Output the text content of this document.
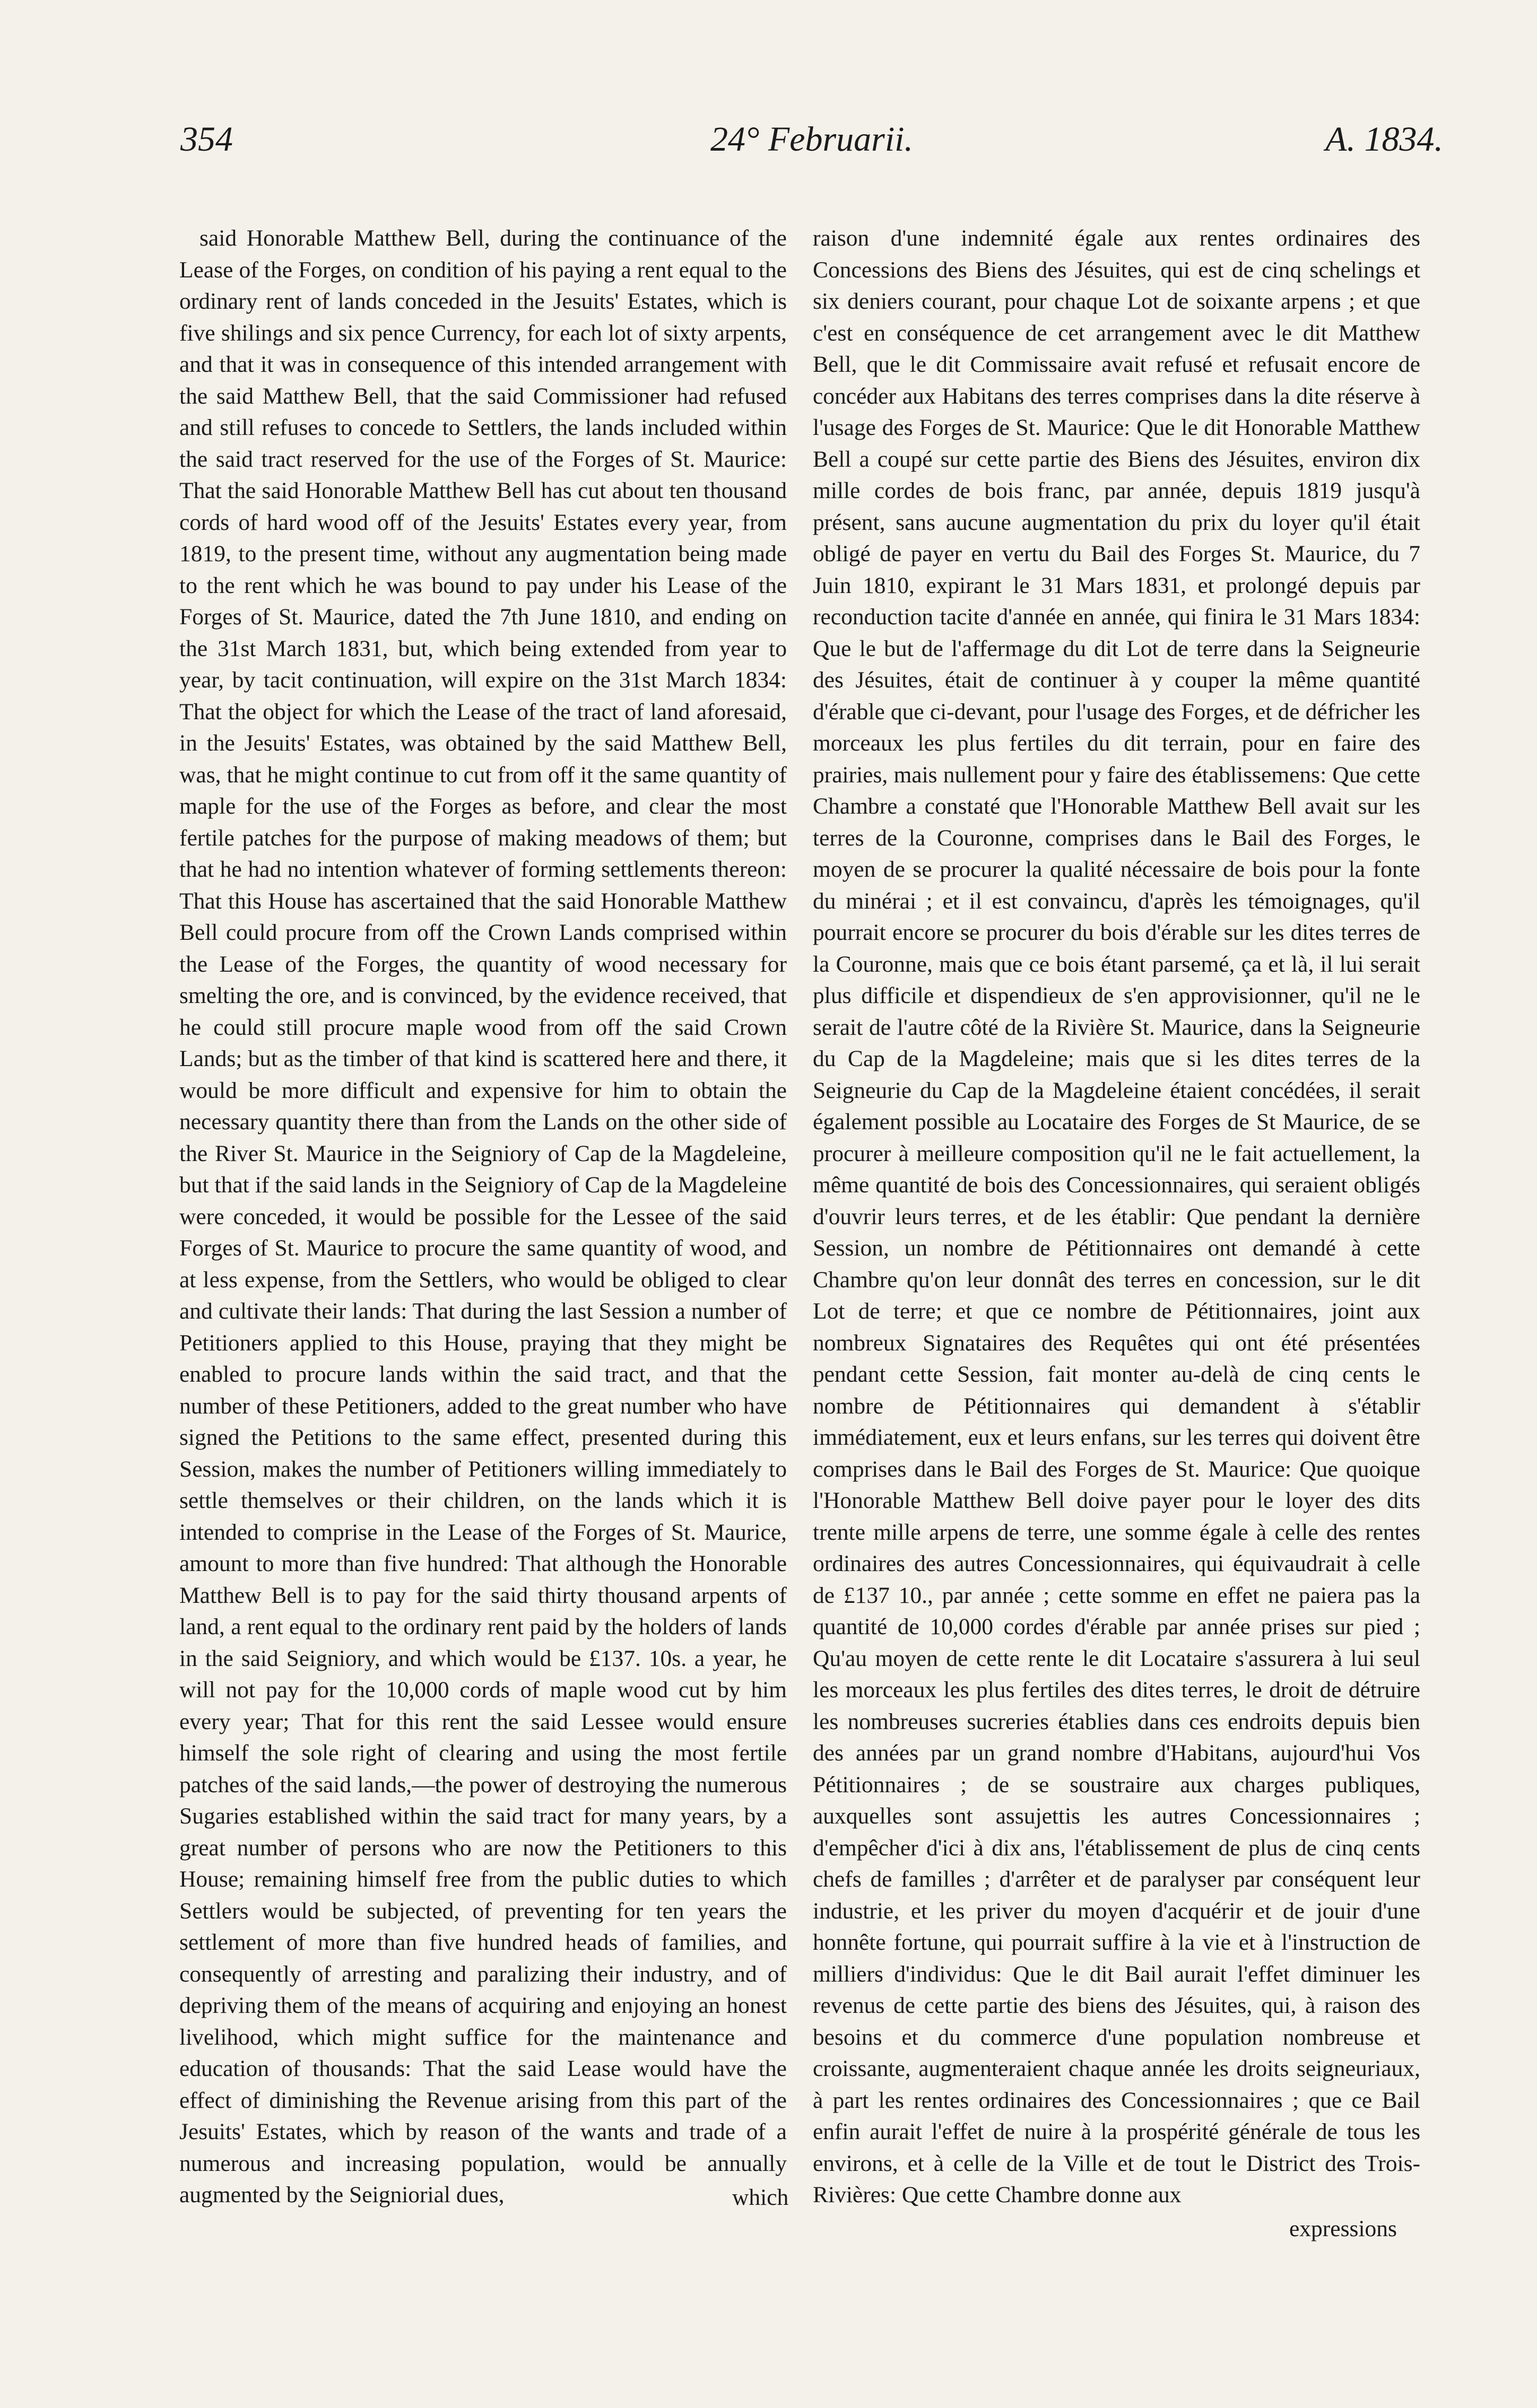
354	24° Februarii.	A. 1834.

said Honorable Matthew Bell, during the continuance of the Lease of the Forges, on condition of his paying a rent equal to the ordinary rent of lands conceded in the Jesuits' Estates, which is five shilings and six pence Currency, for each lot of sixty arpents, and that it was in consequence of this intended arrangement with the said Matthew Bell, that the said Commissioner had refused and still refuses to concede to Settlers, the lands included within the said tract reserved for the use of the Forges of St. Maurice: That the said Honorable Matthew Bell has cut about ten thousand cords of hard wood off of the Jesuits' Estates every year, from 1819, to the present time, without any augmentation being made to the rent which he was bound to pay under his Lease of the Forges of St. Maurice, dated the 7th June 1810, and ending on the 31st March 1831, but, which being extended from year to year, by tacit continuation, will expire on the 31st March 1834: That the object for which the Lease of the tract of land aforesaid, in the Jesuits' Estates, was obtained by the said Matthew Bell, was, that he might continue to cut from off it the same quantity of maple for the use of the Forges as before, and clear the most fertile patches for the purpose of making meadows of them; but that he had no intention whatever of forming settlements thereon: That this House has ascertained that the said Honorable Matthew Bell could procure from off the Crown Lands comprised within the Lease of the Forges, the quantity of wood necessary for smelting the ore, and is convinced, by the evidence received, that he could still procure maple wood from off the said Crown Lands; but as the timber of that kind is scattered here and there, it would be more difficult and expensive for him to obtain the necessary quantity there than from the Lands on the other side of the River St. Maurice in the Seigniory of Cap de la Magdeleine, but that if the said lands in the Seigniory of Cap de la Magdeleine were conceded, it would be possible for the Lessee of the said Forges of St. Maurice to procure the same quantity of wood, and at less expense, from the Settlers, who would be obliged to clear and cultivate their lands: That during the last Session a number of Petitioners applied to this House, praying that they might be enabled to procure lands within the said tract, and that the number of these Petitioners, added to the great number who have signed the Petitions to the same effect, presented during this Session, makes the number of Petitioners willing immediately to settle themselves or their children, on the lands which it is intended to comprise in the Lease of the Forges of St. Maurice, amount to more than five hundred: That although the Honorable Matthew Bell is to pay for the said thirty thousand arpents of land, a rent equal to the ordinary rent paid by the holders of lands in the said Seigniory, and which would be £137. 10s. a year, he will not pay for the 10,000 cords of maple wood cut by him every year; That for this rent the said Lessee would ensure himself the sole right of clearing and using the most fertile patches of the said lands,—the power of destroying the numerous Sugaries established within the said tract for many years, by a great number of persons who are now the Petitioners to this House; remaining himself free from the public duties to which Settlers would be subjected, of preventing for ten years the settlement of more than five hundred heads of families, and consequently of arresting and paralizing their industry, and of depriving them of the means of acquiring and enjoying an honest livelihood, which might suffice for the maintenance and education of thousands: That the said Lease would have the effect of diminishing the Revenue arising from this part of the Jesuits' Estates, which by reason of the wants and trade of a numerous and increasing population, would be annually augmented by the Seigniorial dues,	which

raison d'une indemnité égale aux rentes ordinaires des Concessions des Biens des Jésuites, qui est de cinq schelings et six deniers courant, pour chaque Lot de soixante arpens ; et que c'est en conséquence de cet arrangement avec le dit Matthew Bell, que le dit Commissaire avait refusé et refusait encore de concéder aux Habitans des terres comprises dans la dite réserve à l'usage des Forges de St. Maurice: Que le dit Honorable Matthew Bell a coupé sur cette partie des Biens des Jésuites, environ dix mille cordes de bois franc, par année, depuis 1819 jusqu'à présent, sans aucune augmentation du prix du loyer qu'il était obligé de payer en vertu du Bail des Forges St. Maurice, du 7 Juin 1810, expirant le 31 Mars 1831, et prolongé depuis par reconduction tacite d'année en année, qui finira le 31 Mars 1834: Que le but de l'affermage du dit Lot de terre dans la Seigneurie des Jésuites, était de continuer à y couper la même quantité d'érable que ci-devant, pour l'usage des Forges, et de défricher les morceaux les plus fertiles du dit terrain, pour en faire des prairies, mais nullement pour y faire des établissemens: Que cette Chambre a constaté que l'Honorable Matthew Bell avait sur les terres de la Couronne, comprises dans le Bail des Forges, le moyen de se procurer la qualité nécessaire de bois pour la fonte du minérai ; et il est convaincu, d'après les témoignages, qu'il pourrait encore se procurer du bois d'érable sur les dites terres de la Couronne, mais que ce bois étant parsemé, ça et là, il lui serait plus difficile et dispendieux de s'en approvisionner, qu'il ne le serait de l'autre côté de la Rivière St. Maurice, dans la Seigneurie du Cap de la Magdeleine; mais que si les dites terres de la Seigneurie du Cap de la Magdeleine étaient concédées, il serait également possible au Locataire des Forges de St Maurice, de se procurer à meilleure composition qu'il ne le fait actuellement, la même quantité de bois des Concessionnaires, qui seraient obligés d'ouvrir leurs terres, et de les établir: Que pendant la dernière Session, un nombre de Pétitionnaires ont demandé à cette Chambre qu'on leur donnât des terres en concession, sur le dit Lot de terre; et que ce nombre de Pétitionnaires, joint aux nombreux Signataires des Requêtes qui ont été présentées pendant cette Session, fait monter au-delà de cinq cents le nombre de Pétitionnaires qui demandent à s'établir immédiatement, eux et leurs enfans, sur les terres qui doivent être comprises dans le Bail des Forges de St. Maurice: Que quoique l'Honorable Matthew Bell doive payer pour le loyer des dits trente mille arpens de terre, une somme égale à celle des rentes ordinaires des autres Concessionnaires, qui équivaudrait à celle de £137 10., par année ; cette somme en effet ne paiera pas la quantité de 10,000 cordes d'érable par année prises sur pied ; Qu'au moyen de cette rente le dit Locataire s'assurera à lui seul les morceaux les plus fertiles des dites terres, le droit de détruire les nombreuses sucreries établies dans ces endroits depuis bien des années par un grand nombre d'Habitans, aujourd'hui Vos Pétitionnaires ; de se soustraire aux charges publiques, auxquelles sont assujettis les autres Concessionnaires ; d'empêcher d'ici à dix ans, l'établissement de plus de cinq cents chefs de familles ; d'arrêter et de paralyser par conséquent leur industrie, et les priver du moyen d'acquérir et de jouir d'une honnête fortune, qui pourrait suffire à la vie et à l'instruction de milliers d'individus: Que le dit Bail aurait l'effet diminuer les revenus de cette partie des biens des Jésuites, qui, à raison des besoins et du commerce d'une population nombreuse et croissante, augmenteraient chaque année les droits seigneuriaux, à part les rentes ordinaires des Concessionnaires ; que ce Bail enfin aurait l'effet de nuire à la prospérité générale de tous les environs, et à celle de la Ville et de tout le District des Trois-Rivières: Que cette Chambre donne aux

expressions
